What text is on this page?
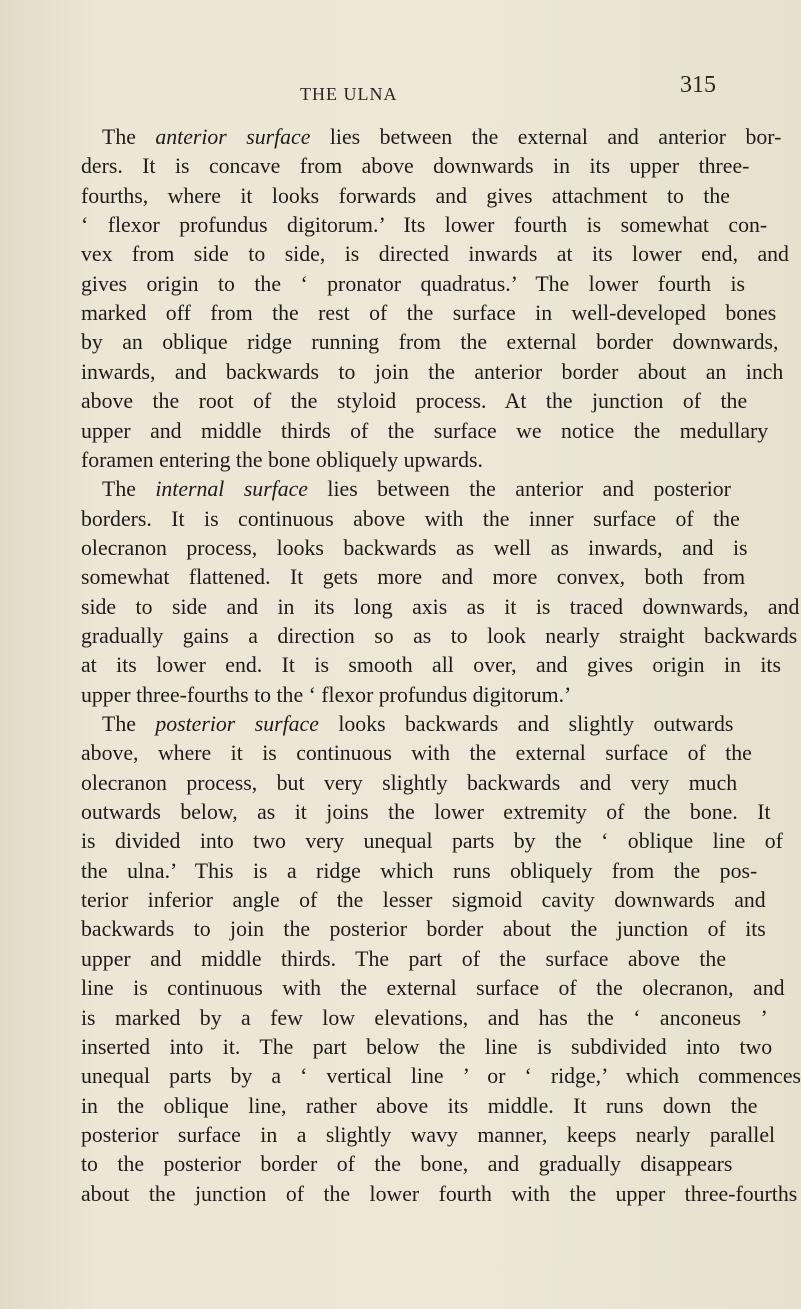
THE ULNA	315
The anterior surface lies between the external and anterior bor-
ders. It is concave from above downwards in its upper three-
fourths, where it looks forwards and gives attachment to the
‘ flexor profundus digitorum.’ Its lower fourth is somewhat con-
vex from side to side, is directed inwards at its lower end, and
gives origin to the ‘ pronator quadratus.’ The lower fourth is
marked off from the rest of the surface in well-developed bones
by an oblique ridge running from the external border downwards,
inwards, and backwards to join the anterior border about an inch
above the root of the styloid process. At the junction of the
upper and middle thirds of the surface we notice the medullary
foramen entering the bone obliquely upwards.
The internal surface lies between the anterior and posterior
borders. It is continuous above with the inner surface of the
olecranon process, looks backwards as well as inwards, and is
somewhat flattened. It gets more and more convex, both from
side to side and in its long axis as it is traced downwards, and
gradually gains a direction so as to look nearly straight backwards
at its lower end. It is smooth all over, and gives origin in its
upper three-fourths to the ‘ flexor profundus digitorum.’
The posterior surface looks backwards and slightly outwards
above, where it is continuous with the external surface of the
olecranon process, but very slightly backwards and very much
outwards below, as it joins the lower extremity of the bone. It
is divided into two very unequal parts by the ‘ oblique line of
the ulna.’ This is a ridge which runs obliquely from the pos-
terior inferior angle of the lesser sigmoid cavity downwards and
backwards to join the posterior border about the junction of its
upper and middle thirds. The part of the surface above the
line is continuous with the external surface of the olecranon, and
is marked by a few low elevations, and has the ‘ anconeus ’
inserted into it. The part below the line is subdivided into two
unequal parts by a ‘ vertical line ’ or ‘ ridge,’ which commences
in the oblique line, rather above its middle. It runs down the
posterior surface in a slightly wavy manner, keeps nearly parallel
to the posterior border of the bone, and gradually disappears
about the junction of the lower fourth with the upper three-fourths
